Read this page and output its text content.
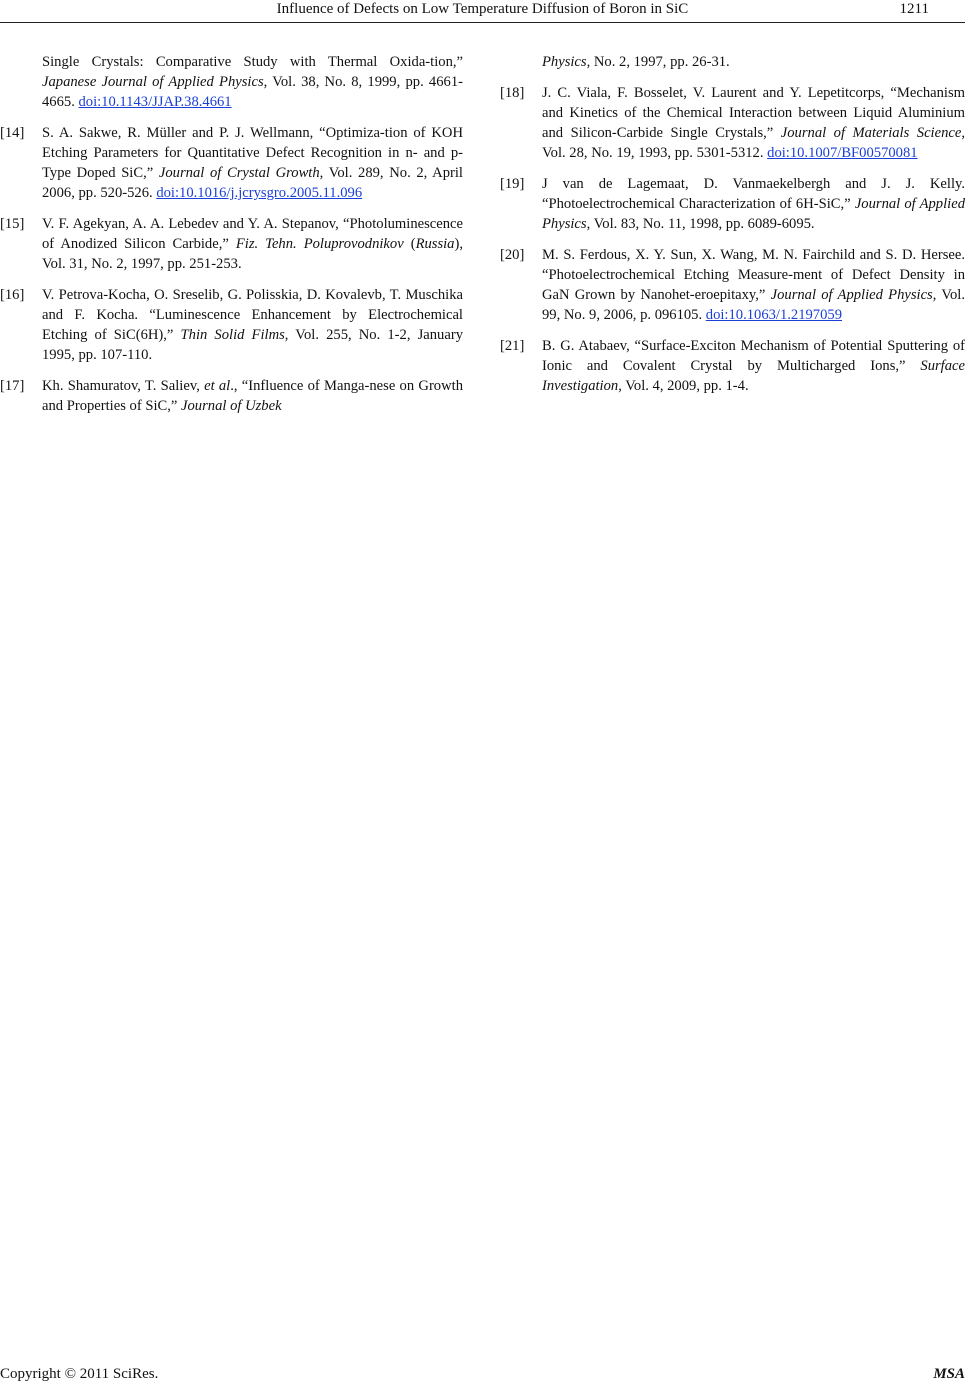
Influence of Defects on Low Temperature Diffusion of Boron in SiC	1211
Single Crystals: Comparative Study with Thermal Oxida-tion,” Japanese Journal of Applied Physics, Vol. 38, No. 8, 1999, pp. 4661-4665. doi:10.1143/JJAP.38.4661
[14] S. A. Sakwe, R. Müller and P. J. Wellmann, “Optimiza-tion of KOH Etching Parameters for Quantitative Defect Recognition in n- and p-Type Doped SiC,” Journal of Crystal Growth, Vol. 289, No. 2, April 2006, pp. 520-526. doi:10.1016/j.jcrysgro.2005.11.096
[15] V. F. Agekyan, A. A. Lebedev and Y. A. Stepanov, “Photoluminescence of Anodized Silicon Carbide,” Fiz. Tehn. Poluprovodnikov (Russia), Vol. 31, No. 2, 1997, pp. 251-253.
[16] V. Petrova-Kocha, O. Sreselib, G. Polisskia, D. Kovalevb, T. Muschika and F. Kocha. “Luminescence Enhancement by Electrochemical Etching of SiC(6H),” Thin Solid Films, Vol. 255, No. 1-2, January 1995, pp. 107-110.
[17] Kh. Shamuratov, T. Saliev, et al., “Influence of Manga-nese on Growth and Properties of SiC,” Journal of Uzbek
Physics, No. 2, 1997, pp. 26-31.
[18] J. C. Viala, F. Bosselet, V. Laurent and Y. Lepetitcorps, “Mechanism and Kinetics of the Chemical Interaction between Liquid Aluminium and Silicon-Carbide Single Crystals,” Journal of Materials Science, Vol. 28, No. 19, 1993, pp. 5301-5312. doi:10.1007/BF00570081
[19] J van de Lagemaat, D. Vanmaekelbergh and J. J. Kelly. “Photoelectrochemical Characterization of 6H-SiC,” Journal of Applied Physics, Vol. 83, No. 11, 1998, pp. 6089-6095.
[20] M. S. Ferdous, X. Y. Sun, X. Wang, M. N. Fairchild and S. D. Hersee. “Photoelectrochemical Etching Measure-ment of Defect Density in GaN Grown by Nanohet-eroepitaxy,” Journal of Applied Physics, Vol. 99, No. 9, 2006, p. 096105. doi:10.1063/1.2197059
[21] B. G. Atabaev, “Surface-Exciton Mechanism of Potential Sputtering of Ionic and Covalent Crystal by Multicharged Ions,” Surface Investigation, Vol. 4, 2009, pp. 1-4.
Copyright © 2011 SciRes.	MSA
